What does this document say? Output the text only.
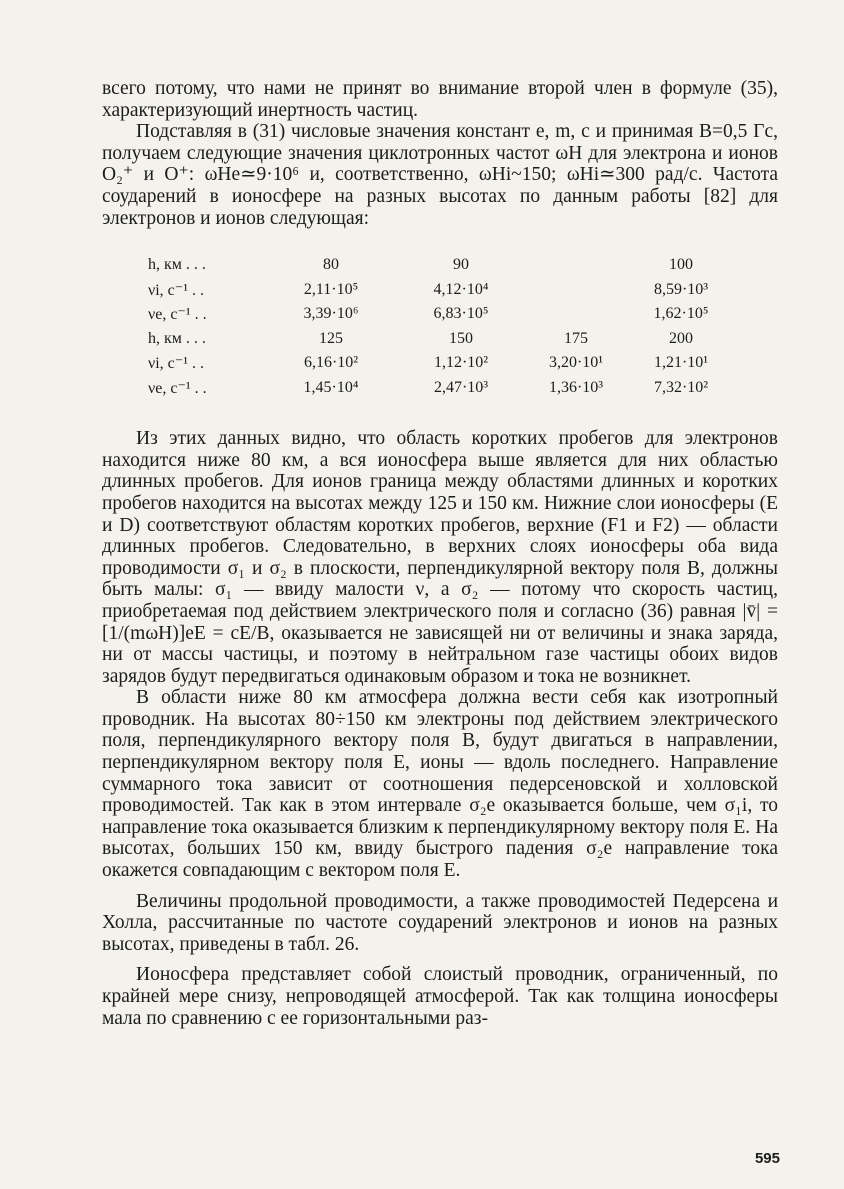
всего потому, что нами не принят во внимание второй член в формуле (35), характеризующий инертность частиц.

Подставляя в (31) числовые значения констант e, m, c и принимая B=0,5 Гс, получаем следующие значения циклотронных частот ωH для электрона и ионов O₂⁺ и O⁺: ωHe≃9·10⁶ и, соответственно, ωHi~150; ωHi≃300 рад/с. Частота соударений в ионосфере на разных высотах по данным работы [82] для электронов и ионов следующая:

h, км . . .	80	90		100
νi, с⁻¹ . .	2,11·10⁵	4,12·10⁴		8,59·10³
νe, с⁻¹ . .	3,39·10⁶	6,83·10⁵		1,62·10⁵
h, км . . .	125	150	175	200
νi, с⁻¹ . .	6,16·10²	1,12·10²	3,20·10¹	1,21·10¹
νe, с⁻¹ . .	1,45·10⁴	2,47·10³	1,36·10³	7,32·10²

Из этих данных видно, что область коротких пробегов для электронов находится ниже 80 км, а вся ионосфера выше является для них областью длинных пробегов. Для ионов граница между областями длинных и коротких пробегов находится на высотах между 125 и 150 км. Нижние слои ионосферы (E и D) соответствуют областям коротких пробегов, верхние (F1 и F2) — области длинных пробегов. Следовательно, в верхних слоях ионосферы оба вида проводимости σ₁ и σ₂ в плоскости, перпендикулярной вектору поля B, должны быть малы: σ₁ — ввиду малости ν, а σ₂ — потому что скорость частиц, приобретаемая под действием электрического поля и согласно (36) равная |v̄| = [1/(mωH)]eE = cE/B, оказывается не зависящей ни от величины и знака заряда, ни от массы частицы, и поэтому в нейтральном газе частицы обоих видов зарядов будут передвигаться одинаковым образом и тока не возникнет.

В области ниже 80 км атмосфера должна вести себя как изотропный проводник. На высотах 80÷150 км электроны под действием электрического поля, перпендикулярного вектору поля B, будут двигаться в направлении, перпендикулярном вектору поля E, ионы — вдоль последнего. Направление суммарного тока зависит от соотношения педерсеновской и холловской проводимостей. Так как в этом интервале σ₂e оказывается больше, чем σ₁i, то направление тока оказывается близким к перпендикулярному вектору поля E. На высотах, больших 150 км, ввиду быстрого падения σ₂e направление тока окажется совпадающим с вектором поля E.

Величины продольной проводимости, а также проводимостей Педерсена и Холла, рассчитанные по частоте соударений электронов и ионов на разных высотах, приведены в табл. 26.

Ионосфера представляет собой слоистый проводник, ограниченный, по крайней мере снизу, непроводящей атмосферой. Так как толщина ионосферы мала по сравнению с ее горизонтальными раз-

595
